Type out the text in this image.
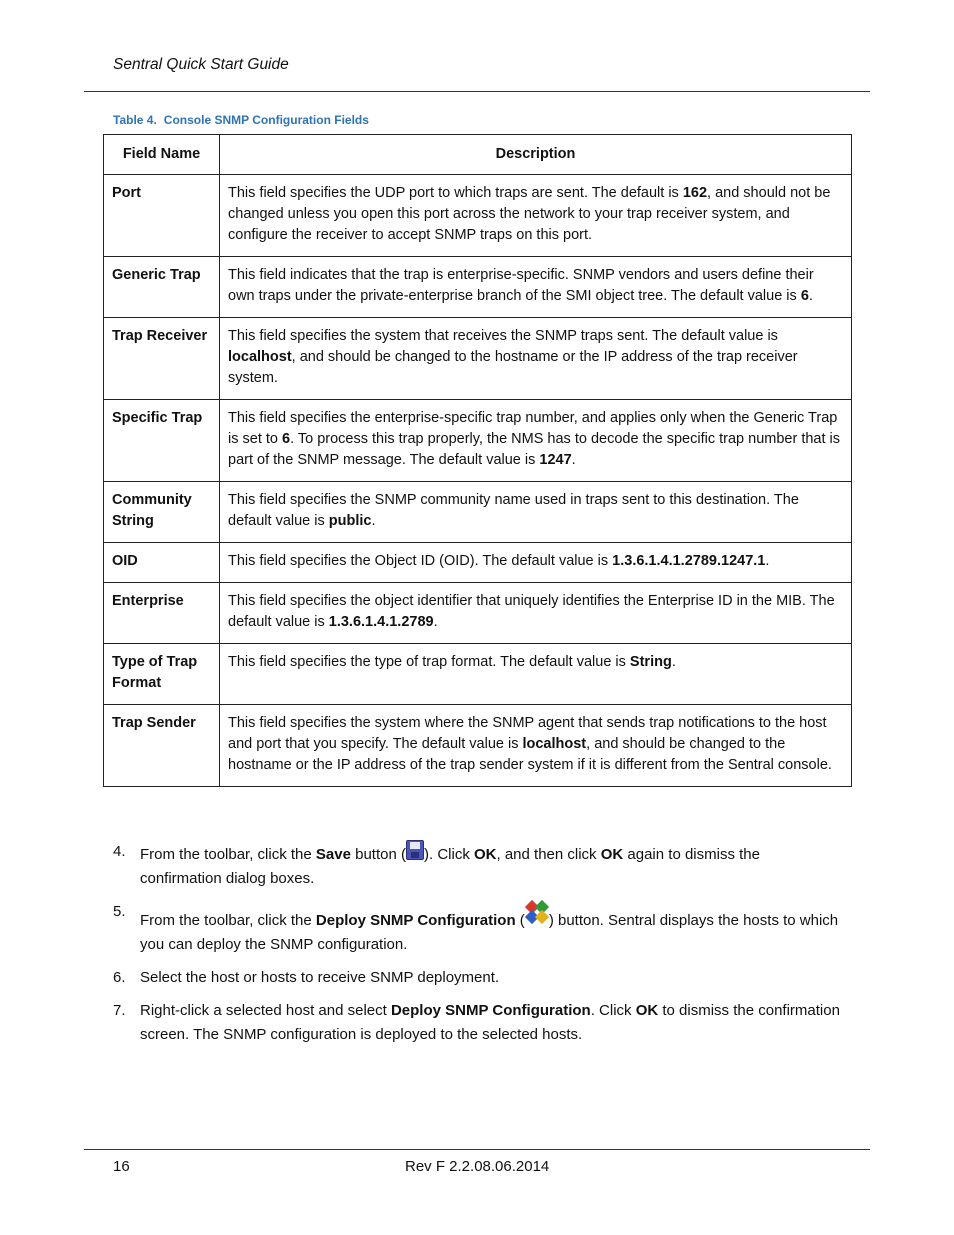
Sentral Quick Start Guide
Table 4. Console SNMP Configuration Fields
Field Name	Description
Port	This field specifies the UDP port to which traps are sent. The default is 162, and should not be changed unless you open this port across the network to your trap receiver system, and configure the receiver to accept SNMP traps on this port.
Generic Trap	This field indicates that the trap is enterprise-specific. SNMP vendors and users define their own traps under the private-enterprise branch of the SMI object tree. The default value is 6.
Trap Receiver	This field specifies the system that receives the SNMP traps sent. The default value is localhost, and should be changed to the hostname or the IP address of the trap receiver system.
Specific Trap	This field specifies the enterprise-specific trap number, and applies only when the Generic Trap is set to 6. To process this trap properly, the NMS has to decode the specific trap number that is part of the SNMP message. The default value is 1247.
Community String	This field specifies the SNMP community name used in traps sent to this destination. The default value is public.
OID	This field specifies the Object ID (OID). The default value is 1.3.6.1.4.1.2789.1247.1.
Enterprise	This field specifies the object identifier that uniquely identifies the Enterprise ID in the MIB. The default value is 1.3.6.1.4.1.2789.
Type of Trap Format	This field specifies the type of trap format. The default value is String.
Trap Sender	This field specifies the system where the SNMP agent that sends trap notifications to the host and port that you specify. The default value is localhost, and should be changed to the hostname or the IP address of the trap sender system if it is different from the Sentral console.
4. From the toolbar, click the Save button ( ). Click OK, and then click OK again to dismiss the confirmation dialog boxes.
5.
From the toolbar, click the Deploy SNMP Configuration ( ) button. Sentral displays the hosts to which you can deploy the SNMP configuration.
6. Select the host or hosts to receive SNMP deployment.
7. Right-click a selected host and select Deploy SNMP Configuration. Click OK to dismiss the confirmation screen. The SNMP configuration is deployed to the selected hosts.
16	Rev F 2.2.08.06.2014
